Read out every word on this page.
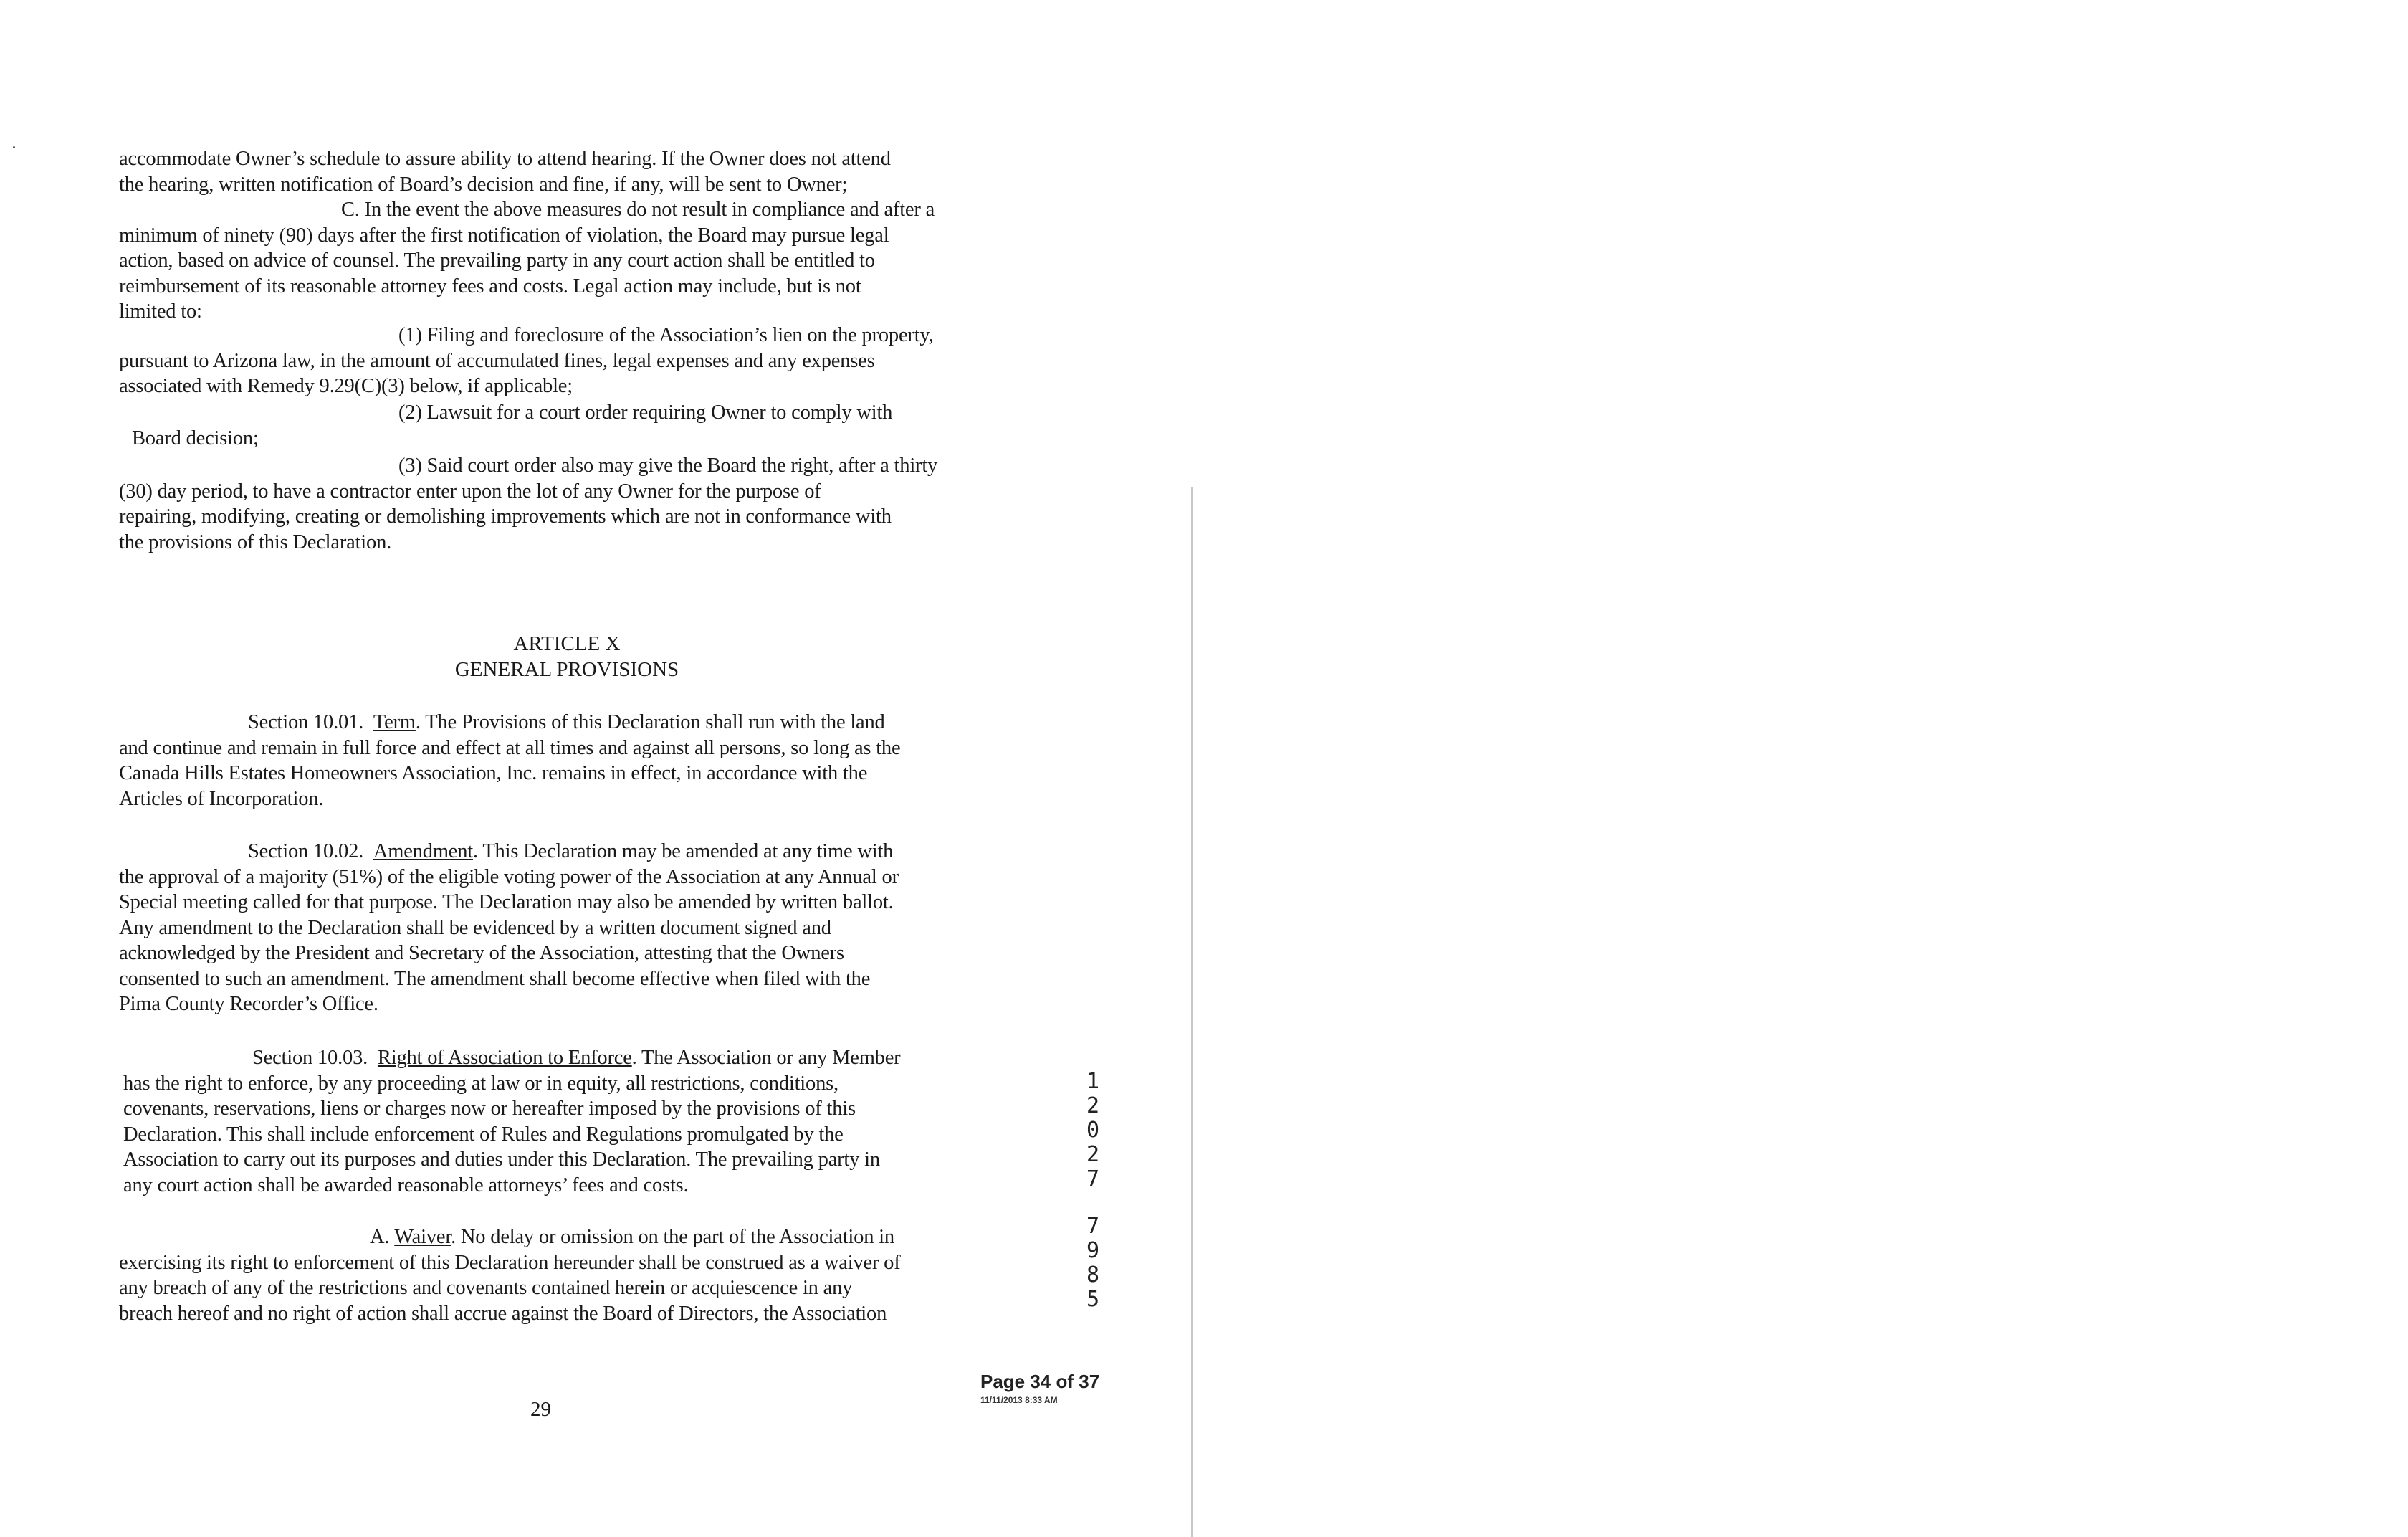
accommodate Owner’s schedule to assure ability to attend hearing. If the Owner does not attend
the hearing, written notification of Board’s decision and fine, if any, will be sent to Owner;
C. In the event the above measures do not result in compliance and after a
minimum of ninety (90) days after the first notification of violation, the Board may pursue legal
action, based on advice of counsel. The prevailing party in any court action shall be entitled to
reimbursement of its reasonable attorney fees and costs. Legal action may include, but is not
limited to:
(1) Filing and foreclosure of the Association’s lien on the property,
pursuant to Arizona law, in the amount of accumulated fines, legal expenses and any expenses
associated with Remedy 9.29(C)(3) below, if applicable;
(2) Lawsuit for a court order requiring Owner to comply with
Board decision;
(3) Said court order also may give the Board the right, after a thirty
(30) day period, to have a contractor enter upon the lot of any Owner for the purpose of
repairing, modifying, creating or demolishing improvements which are not in conformance with
the provisions of this Declaration.
ARTICLE X
GENERAL PROVISIONS
Section 10.01. Term. The Provisions of this Declaration shall run with the land
and continue and remain in full force and effect at all times and against all persons, so long as the
Canada Hills Estates Homeowners Association, Inc. remains in effect, in accordance with the
Articles of Incorporation.
Section 10.02. Amendment. This Declaration may be amended at any time with
the approval of a majority (51%) of the eligible voting power of the Association at any Annual or
Special meeting called for that purpose. The Declaration may also be amended by written ballot.
Any amendment to the Declaration shall be evidenced by a written document signed and
acknowledged by the President and Secretary of the Association, attesting that the Owners
consented to such an amendment. The amendment shall become effective when filed with the
Pima County Recorder’s Office.
Section 10.03. Right of Association to Enforce. The Association or any Member
has the right to enforce, by any proceeding at law or in equity, all restrictions, conditions,
covenants, reservations, liens or charges now or hereafter imposed by the provisions of this
Declaration. This shall include enforcement of Rules and Regulations promulgated by the
Association to carry out its purposes and duties under this Declaration. The prevailing party in
any court action shall be awarded reasonable attorneys’ fees and costs.
A. Waiver. No delay or omission on the part of the Association in
exercising its right to enforcement of this Declaration hereunder shall be construed as a waiver of
any breach of any of the restrictions and covenants contained herein or acquiescence in any
breach hereof and no right of action shall accrue against the Board of Directors, the Association
29
Page 34 of 37
11/11/2013 8:33 AM
1
2
0
2
7
7
9
8
5
